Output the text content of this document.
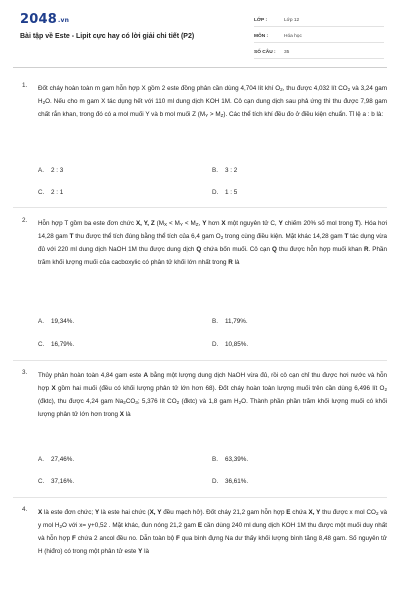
2048.vn
Bài tập về Este - Lipit cực hay có lời giải chi tiết (P2)
LỚP :	Lớp 12
MÔN :	Hóa học
SỐ CÂU : 35
1. Đốt cháy hoàn toàn m gam hỗn hợp X gồm 2 este đồng phân cần dùng 4,704 lít khí $O_2$, thu được 4,032 lít $CO_2$ và 3,24 gam $H_2O$. Nếu cho m gam X tác dụng hết với 110 ml dung dịch KOH 1M. Cô cạn dung dịch sau phả ứng thì thu được 7,98 gam chất rắn khan, trong đó có a mol muối Y và b mol muối Z $(M_Y > M_Z)$. Các thể tích khí đều đo ở điều kiện chuẩn. Tỉ lệ a : b là:
A. 2 : 3	B. 3 : 2
C. 2 : 1	D. 1 : 5
2. Hỗn hợp T gồm ba este đơn chức X, Y, Z ($M_X < M_Y < M_Z$, Y hơn X một nguyên tử C, Y chiếm 20% số mol trong T). Hóa hơi 14,28 gam T thu được thể tích đúng bằng thể tích của 6,4 gam $O_2$ trong cùng điều kiện. Mặt khác 14,28 gam T tác dụng vừa đủ với 220 ml dung dịch NaOH 1M thu được dung dịch Q chứa bốn muối. Cô cạn Q thu được hỗn hợp muối khan R. Phần trăm khối lượng muối của cacboxylic có phân tử khối lớn nhất trong R là
A. 19,34%.	B. 11,79%.
C. 16,79%.	D. 10,85%.
3. Thủy phân hoàn toàn 4,84 gam este A bằng một lượng dung dịch NaOH vừa đủ, rồi cô cạn chỉ thu được hơi nước và hỗn hợp X gồm hai muối (đều có khối lượng phân tử lớn hơn 68). Đốt cháy hoàn toàn lượng muối trên cần dùng 6,496 lít $O_2$ (đktc), thu được 4,24 gam $Na_2CO_3$; 5,376 lít $CO_2$ (đktc) và 1,8 gam $H_2O$. Thành phần phần trăm khối lượng muối có khối lượng phân tử lớn hơn trong X là
A. 27,46%.	B. 63,39%.
C. 37,16%.	D. 36,61%.
4. X là este đơn chức; Y là este hai chức (X, Y đều mạch hở). Đốt cháy 21,2 gam hỗn hợp E chứa X, Y thu được x mol $CO_2$ và y mol $H_2O$ với x= y+0,52 . Mặt khác, đun nóng 21,2 gam E cần dùng 240 ml dung dịch KOH 1M thu được một muối duy nhất và hỗn hợp F chứa 2 ancol đều no. Dẫn toàn bộ F qua bình đựng Na dư thấy khối lượng bình tăng 8,48 gam. Số nguyên tử H (hiđro) có trong một phân tử este Y là
